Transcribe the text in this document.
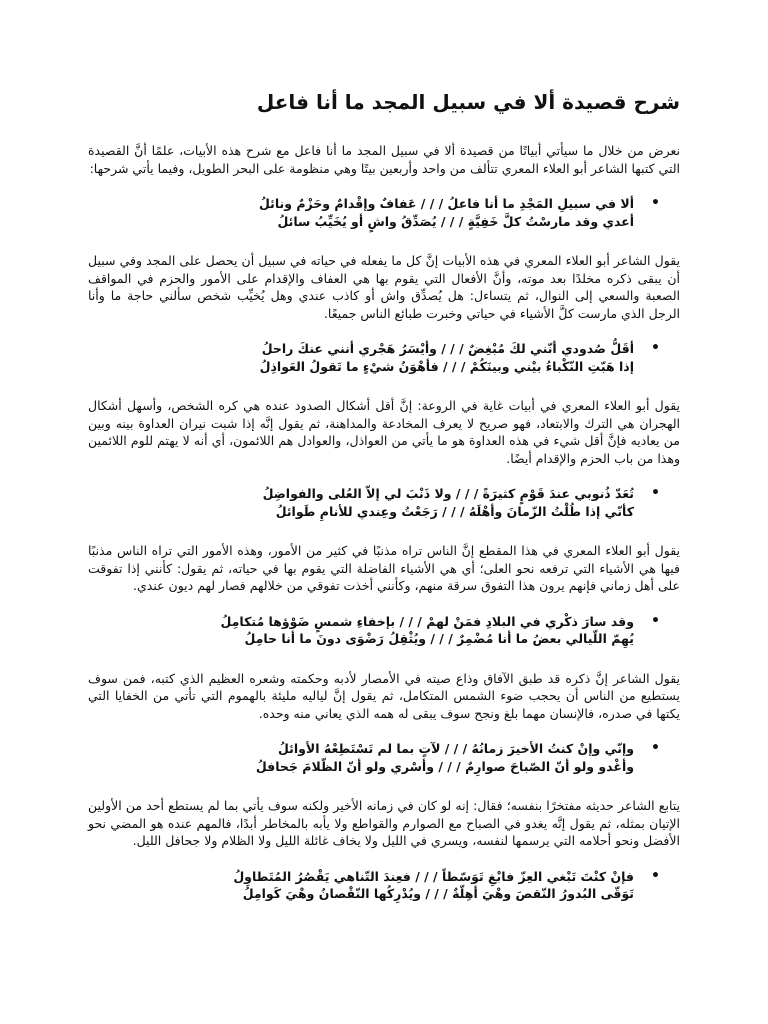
شرح قصيدة ألا في سبيل المجد ما أنا فاعل

نعرض من خلال ما سيأتي أبياتًا من قصيدة ألا في سبيل المجد ما أنا فاعل مع شرح هذه الأبيات، علمًا أنَّ القصيدة التي كتبها الشاعر أبو العلاء المعري تتألف من واحد وأربعين بيتًا وهي منظومة على البحر الطويل، وفيما يأتي شرحها:

•
ألا في سبيلِ المَجْدِ ما أنا فاعلُ / / / عَفافٌ وإقْدامٌ وحَزْمٌ ونائلُ
أعدي وقد مارسْتُ كلَّ خَفِيَّةٍ / / / يُصَدِّقُ واشٍ أو يُخَيِّبُ سائلُ

يقول الشاعر أبو العلاء المعري في هذه الأبيات إنَّ كل ما يفعله في حياته في سبيل أن يحصل على المجد وفي سبيل أن يبقى ذكره مخلدًا بعد موته، وأنَّ الأفعال التي يقوم بها هي العفاف والإقدام على الأمور والحزم في المواقف الصعبة والسعي إلى النوال، ثم يتساءل: هل يُصدِّق واش أو كاذب عندي وهل يُخيِّب شخص سألني حاجة ما وأنا الرجل الذي مارست كلَّ الأشياء في حياتي وخبرت طبائع الناس جميعًا.

•
أقَلُّ صُدودي أنّني لكَ مُبْغِضٌ / / / وأيْسَرُ هَجْري أنني عنكَ راحلُ
إذا هَبّتِ النّكْباءُ بيْني وبينَكُمْ / / / فأهْوَنُ شيْءٍ ما تَقولُ العَواذِلُ

يقول أبو العلاء المعري في أبيات غاية في الروعة: إنَّ أقل أشكال الصدود عنده هي كره الشخص، وأسهل أشكال الهجران هي الترك والابتعاد، فهو صريح لا يعرف المخادعة والمداهنة، ثم يقول إنَّه إذا شبت نيران العداوة بينه وبين من يعاديه فإنَّ أقل شيء في هذه العداوة هو ما يأتي من العواذل، والعوادل هم اللائمون، أي أنه لا يهتم للوم اللائمين وهذا من باب الحزم والإقدام أيضًا.

•
تُعَدّ ذُنوبي عندَ قَوْمٍ كثيرَةً / / / ولا ذَنْبَ لي إلاّ العُلى والفواضِلُ
كأنّي إذا طُلْتُ الزّمانَ وأهْلَهُ / / / رَجَعْتُ وعِندي للأنامِ طَوائلُ

يقول أبو العلاء المعري في هذا المقطع إنَّ الناس تراه مذنبًا في كثير من الأمور، وهذه الأمور التي تراه الناس مذنبًا فيها هي الأشياء التي ترفعه نحو العلى؛ أي هي الأشياء الفاضلة التي يقوم بها في حياته، ثم يقول: كأنني إذا تفوقت على أهل زماني فإنهم يرون هذا التفوق سرقة منهم، وكأنني أخذت تفوقي من خلالهم فصار لهم ديون عندي.

•
وقد سارَ ذكْري في البلادِ فمَنْ لهمْ / / / بإخفاءِ شمسٍ ضَوْؤها مُتكامِلُ
يُهِمّ اللّيالي بعضُ ما أنا مُضْمِرٌ / / / ويُثْقِلُ رَضْوَى دونَ ما أنا حامِلُ

يقول الشاعر إنَّ ذكره قد طبق الآفاق وذاع صيته في الأمصار لأدبه وحكمته وشعره العظيم الذي كتبه، فمن سوف يستطيع من الناس أن يحجب ضوء الشمس المتكامل، ثم يقول إنَّ لياليه مليئة بالهموم التي تأتي من الخفايا التي يكتها في صدره، فالإنسان مهما بلغ ونجح سوف يبقى له همه الذي يعاني منه وحده.

•
وإنّي وإنْ كنتُ الأخيرَ زمانُهُ / / / لآتٍ بما لم تَسْتَطِعْهُ الأوائلُ
وأغْدو ولو أنّ الصّباحَ صوارِمٌ / / / وأسْري ولو أنّ الظّلامَ جَحافلُ

يتابع الشاعر حديثه مفتخرًا بنفسه؛ فقال: إنه لو كان في زمانه الأخير ولكنه سوف يأتي بما لم يستطع أحد من الأولين الإتيان بمثله، ثم يقول إنَّه يغدو في الصباح مع الصوارم والقواطع ولا يأبه بالمخاطر أبدًا، فالمهم عنده هو المضي نحو الأفضل ونحو أحلامه التي يرسمها لنفسه، ويسري في الليل ولا يخاف غائلة الليل ولا الظلام ولا جحافل الليل.

•
فإنْ كنْتَ تَبْغي العِزّ فابْغِ تَوَسّطاً / / / فعِندَ التّناهي يَقْصُرُ المُتَطاوِلُ
تَوَقّى البُدورُ النّقصَ وهْيَ أهِلّةٌ / / / ويُدْرِكُها النّقْصانُ وهْيَ كَوامِلُ
